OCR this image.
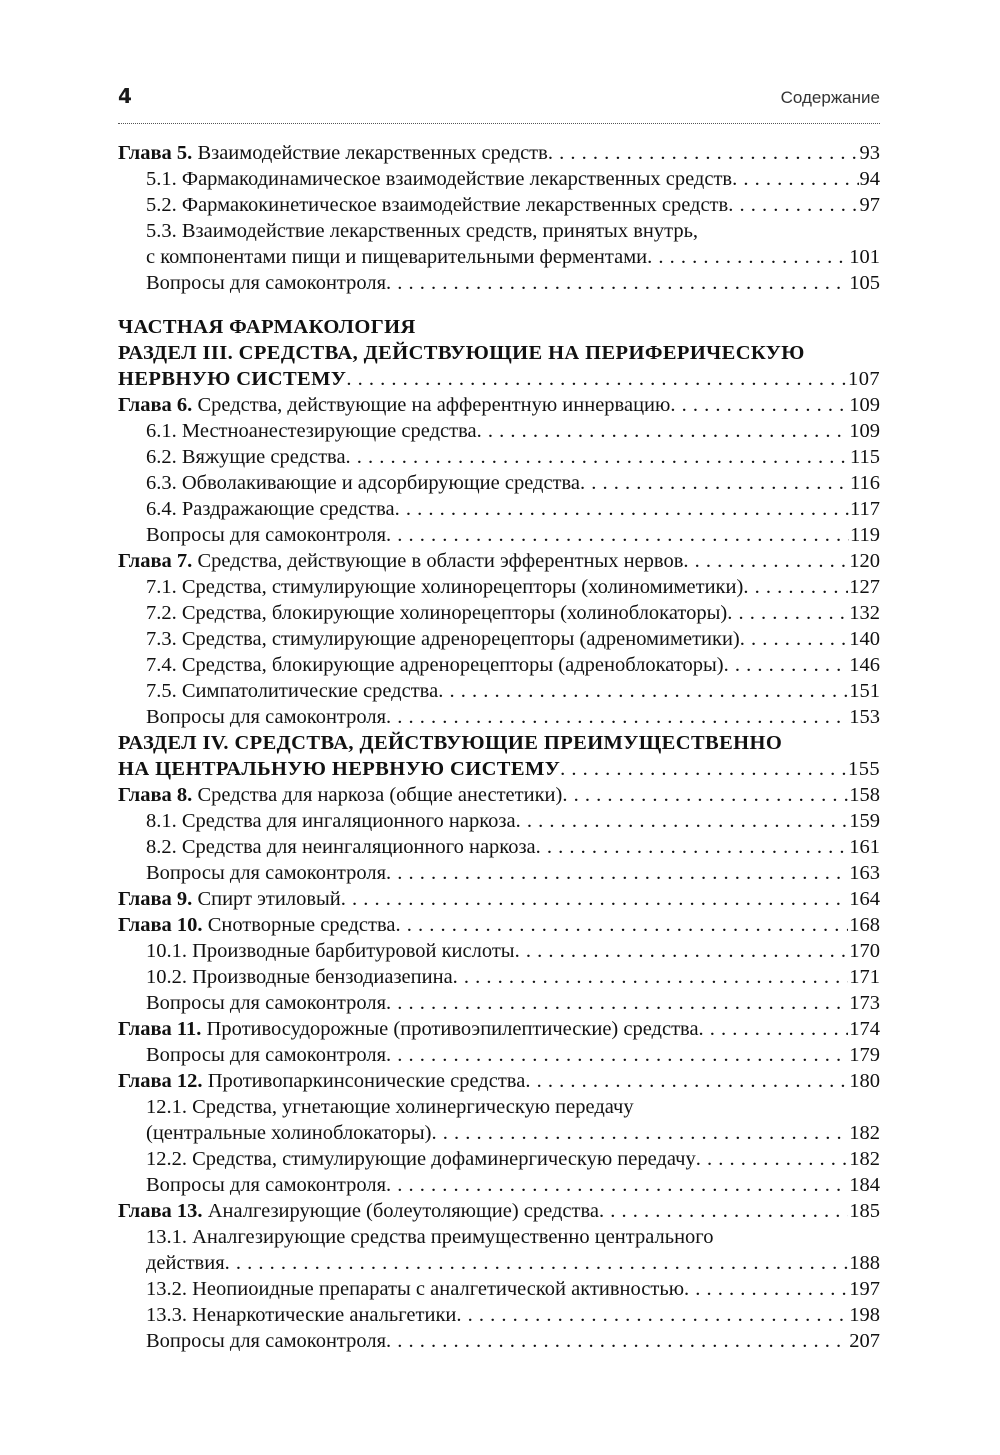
4	Содержание
Глава 5. Взаимодействие лекарственных средств . . .	93
5.1. Фармакодинамическое взаимодействие лекарственных средств . . .	94
5.2. Фармакокинетическое взаимодействие лекарственных средств . . .	97
5.3. Взаимодействие лекарственных средств, принятых внутрь,
с компонентами пищи и пищеварительными ферментами . . .	101
Вопросы для самоконтроля . . .	105
ЧАСТНАЯ ФАРМАКОЛОГИЯ
РАЗДЕЛ III. СРЕДСТВА, ДЕЙСТВУЮЩИЕ НА ПЕРИФЕРИЧЕСКУЮ
НЕРВНУЮ СИСТЕМУ . . .	107
Глава 6. Средства, действующие на афферентную иннервацию . . .	109
6.1. Местноанестезирующие средства . . .	109
6.2. Вяжущие средства . . .	115
6.3. Обволакивающие и адсорбирующие средства . . .	116
6.4. Раздражающие средства . . .	117
Вопросы для самоконтроля . . .	119
Глава 7. Средства, действующие в области эфферентных нервов . . .	120
7.1. Средства, стимулирующие холинорецепторы (холиномиметики) . . .	127
7.2. Средства, блокирующие холинорецепторы (холиноблокаторы) . . .	132
7.3. Средства, стимулирующие адренорецепторы (адреномиметики) . . .	140
7.4. Средства, блокирующие адренорецепторы (адреноблокаторы) . . .	146
7.5. Симпатолитические средства . . .	151
Вопросы для самоконтроля . . .	153
РАЗДЕЛ IV. СРЕДСТВА, ДЕЙСТВУЮЩИЕ ПРЕИМУЩЕСТВЕННО
НА ЦЕНТРАЛЬНУЮ НЕРВНУЮ СИСТЕМУ . . .	155
Глава 8. Средства для наркоза (общие анестетики) . . .	158
8.1. Средства для ингаляционного наркоза . . .	159
8.2. Средства для неингаляционного наркоза . . .	161
Вопросы для самоконтроля . . .	163
Глава 9. Спирт этиловый . . .	164
Глава 10. Снотворные средства . . .	168
10.1. Производные барбитуровой кислоты . . .	170
10.2. Производные бензодиазепина . . .	171
Вопросы для самоконтроля . . .	173
Глава 11. Противосудорожные (противоэпилептические) средства . . .	174
Вопросы для самоконтроля . . .	179
Глава 12. Противопаркинсонические средства . . .	180
12.1. Средства, угнетающие холинергическую передачу
(центральные холиноблокаторы) . . .	182
12.2. Средства, стимулирующие дофаминергическую передачу . . .	182
Вопросы для самоконтроля . . .	184
Глава 13. Аналгезирующие (болеутоляющие) средства . . .	185
13.1. Аналгезирующие средства преимущественно центрального
действия . . .	188
13.2. Неопиоидные препараты с аналгетической активностью . . .	197
13.3. Ненаркотические анальгетики . . .	198
Вопросы для самоконтроля . . .	207
